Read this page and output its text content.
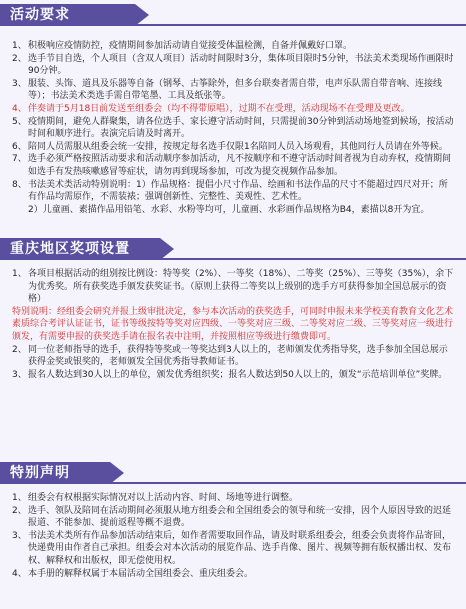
活动要求
1、 积极响应疫情防控，疫情期间参加活动请自觉接受体温检测，自备并佩戴好口罩。
2、 选手节目自选，个人项目（含双人项目）活动时间限时3分，集体项目限时5分钟，书法美术类现场作画限时90分钟。
3、 服装、头饰、道具及乐器等自备（钢琴、古筝除外，但多台联奏者需自带，电声乐队需自带音响、连接线等）；书法美术类选手需自带笔墨、工具及纸张等。
4、 伴奏请于5月18日前发送至组委会（均不得带原唱），过期不在受理，活动现场不在受理及更改。
5、 疫情期间，避免人群聚集，请各位选手、家长遵守活动时间，只需提前30分钟到活动场地签到候场，按活动时间和顺序进行。表演完后请及时离开。
6、 陪同人员需服从组委会统一安排，按规定每名选手仅限1名陪同人员入场观看，其他同行人员请在外等候。
7、 选手必须严格按照活动要求和活动顺序参加活动，凡不按顺序和不遵守活动时间者视为自动弃权，疫情期间如选手有发热咳嗽感冒等症状，请勿再到现场参加，可改为提交视频作品参加。
8、 书法美术类活动特别说明：1）作品规格：提倡小尺寸作品、绘画和书法作品的尺寸不能超过四尺对开；所有作品均需原作，不需装裱；强调创新性、完整性、美观性、艺术性。
2）儿童画、素描作品用铅笔、水彩、水粉等均可，儿童画、水彩画作品规格为B4，素描以8开为宜。
重庆地区奖项设置
1、 各项目根据活动的组别按比例设：特等奖（2%）、一等奖（18%）、二等奖（25%）、三等奖（35%），余下为优秀奖。所有获奖选手颁发获奖证书。（原则上获得二等奖以上级别的选手方可获得参加全国总展示的资格）
特别说明：经组委会研究并报上级审批决定，参与本次活动的获奖选手，可同时申报未来学校美育教育文化艺术素质综合考评认证证书，证书等级按特等奖对应四级、一等奖对应三级、二等奖对应二级、三等奖对应一级进行颁发，有需要申报的获奖选手请在报名表中注明，并按照相应等级进行缴费即可。
2、 同一位老师指导的选手，获得特等奖或一等奖达到3人以上的，老师颁发优秀指导奖，选手参加全国总展示获得金奖或银奖的，老师颁发全国优秀指导教师证书。
3、 报名人数达到30人以上的单位，颁发优秀组织奖；报名人数达到50人以上的，颁发“示范培训单位”奖牌。
特别声明
1、 组委会有权根据实际情况对以上活动内容、时间、场地等进行调整。
2、 选手、领队及陪同在活动期间必须服从地方组委会和全国组委会的领导和统一安排，因个人原因导致的迟延报道、不能参加、提前返程等概不退费。
3、 书法美术类所有作品参加活动结束后，如作者需要取回作品，请及时联系组委会，组委会负责将作品寄回，快递费用由作者自己承担。组委会对本次活动的展览作品、选手肖像、图片、视频等拥有版权播出权、发布权、解释权和出版权，即无偿使用权。
4、 本手册的解释权属于本届活动全国组委会、重庆组委会。
